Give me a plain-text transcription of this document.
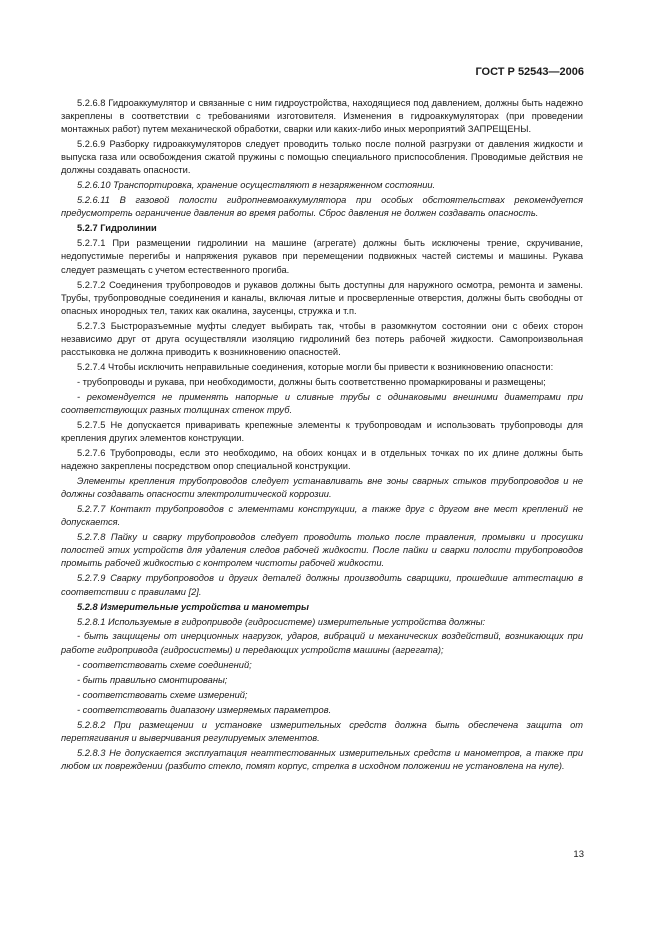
ГОСТ Р 52543—2006

5.2.6.8 Гидроаккумулятор и связанные с ним гидроустройства, находящиеся под давлением, должны быть надежно закреплены в соответствии с требованиями изготовителя. Изменения в гидроаккумуляторах (при проведении монтажных работ) путем механической обработки, сварки или каких-либо иных мероприятий ЗАПРЕЩЕНЫ.

5.2.6.9 Разборку гидроаккумуляторов следует проводить только после полной разгрузки от давления жидкости и выпуска газа или освобождения сжатой пружины с помощью специального приспособления. Проводимые действия не должны создавать опасности.

5.2.6.10 Транспортировка, хранение осуществляют в незаряженном состоянии.

5.2.6.11 В газовой полости гидропневмоаккумулятора при особых обстоятельствах рекомендуется предусмотреть ограничение давления во время работы. Сброс давления не должен создавать опасность.

5.2.7 Гидролинии

5.2.7.1 При размещении гидролинии на машине (агрегате) должны быть исключены трение, скручивание, недопустимые перегибы и напряжения рукавов при перемещении подвижных частей системы и машины. Рукава следует размещать с учетом естественного прогиба.

5.2.7.2 Соединения трубопроводов и рукавов должны быть доступны для наружного осмотра, ремонта и замены. Трубы, трубопроводные соединения и каналы, включая литые и просверленные отверстия, должны быть свободны от опасных инородных тел, таких как окалина, заусенцы, стружка и т.п.

5.2.7.3 Быстроразъемные муфты следует выбирать так, чтобы в разомкнутом состоянии они с обеих сторон независимо друг от друга осуществляли изоляцию гидролиний без потерь рабочей жидкости. Самопроизвольная расстыковка не должна приводить к возникновению опасностей.

5.2.7.4 Чтобы исключить неправильные соединения, которые могли бы привести к возникновению опасности:

- трубопроводы и рукава, при необходимости, должны быть соответственно промаркированы и размещены;

- рекомендуется не применять напорные и сливные трубы с одинаковыми внешними диаметрами при соответствующих разных толщинах стенок труб.

5.2.7.5 Не допускается приваривать крепежные элементы к трубопроводам и использовать трубопроводы для крепления других элементов конструкции.

5.2.7.6 Трубопроводы, если это необходимо, на обоих концах и в отдельных точках по их длине должны быть надежно закреплены посредством опор специальной конструкции.

Элементы крепления трубопроводов следует устанавливать вне зоны сварных стыков трубопроводов и не должны создавать опасности электролитической коррозии.

5.2.7.7 Контакт трубопроводов с элементами конструкции, а также друг с другом вне мест креплений не допускается.

5.2.7.8 Пайку и сварку трубопроводов следует проводить только после травления, промывки и просушки полостей этих устройств для удаления следов рабочей жидкости. После пайки и сварки полости трубопроводов промыть рабочей жидкостью с контролем чистоты рабочей жидкости.

5.2.7.9 Сварку трубопроводов и других деталей должны производить сварщики, прошедшие аттестацию в соответствии с правилами [2].

5.2.8 Измерительные устройства и манометры

5.2.8.1 Используемые в гидроприводе (гидросистеме) измерительные устройства должны:

- быть защищены от инерционных нагрузок, ударов, вибраций и механических воздействий, возникающих при работе гидропривода (гидросистемы) и передающих устройств машины (агрегата);

- соответствовать схеме соединений;

- быть правильно смонтированы;

- соответствовать схеме измерений;

- соответствовать диапазону измеряемых параметров.

5.2.8.2 При размещении и установке измерительных средств должна быть обеспечена защита от перетягивания и выверчивания регулируемых элементов.

5.2.8.3 Не допускается эксплуатация неаттестованных измерительных средств и манометров, а также при любом их повреждении (разбито стекло, помят корпус, стрелка в исходном положении не установлена на нуле).

13
